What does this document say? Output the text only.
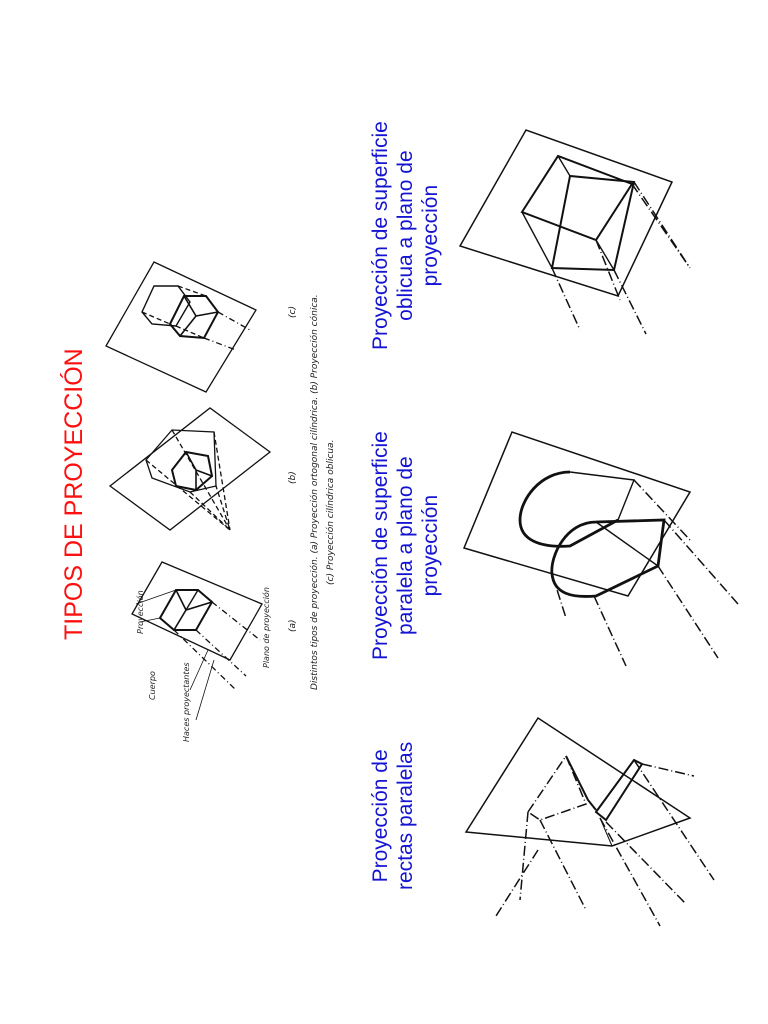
TIPOS DE PROYECCIÓN
Proyección de rectas paralelas
Proyección de superficie paralela a plano de proyección
Proyección de superficie oblicua a plano de proyección
Distintos tipos de proyección. (a) Proyección ortogonal cilíndrica. (b) Proyección cónica. (c) Proyección cilíndrica oblicua.
(a)
(b)
(c)
Haces proyectantes
Cuerpo
Proyección	Plano de proyección
